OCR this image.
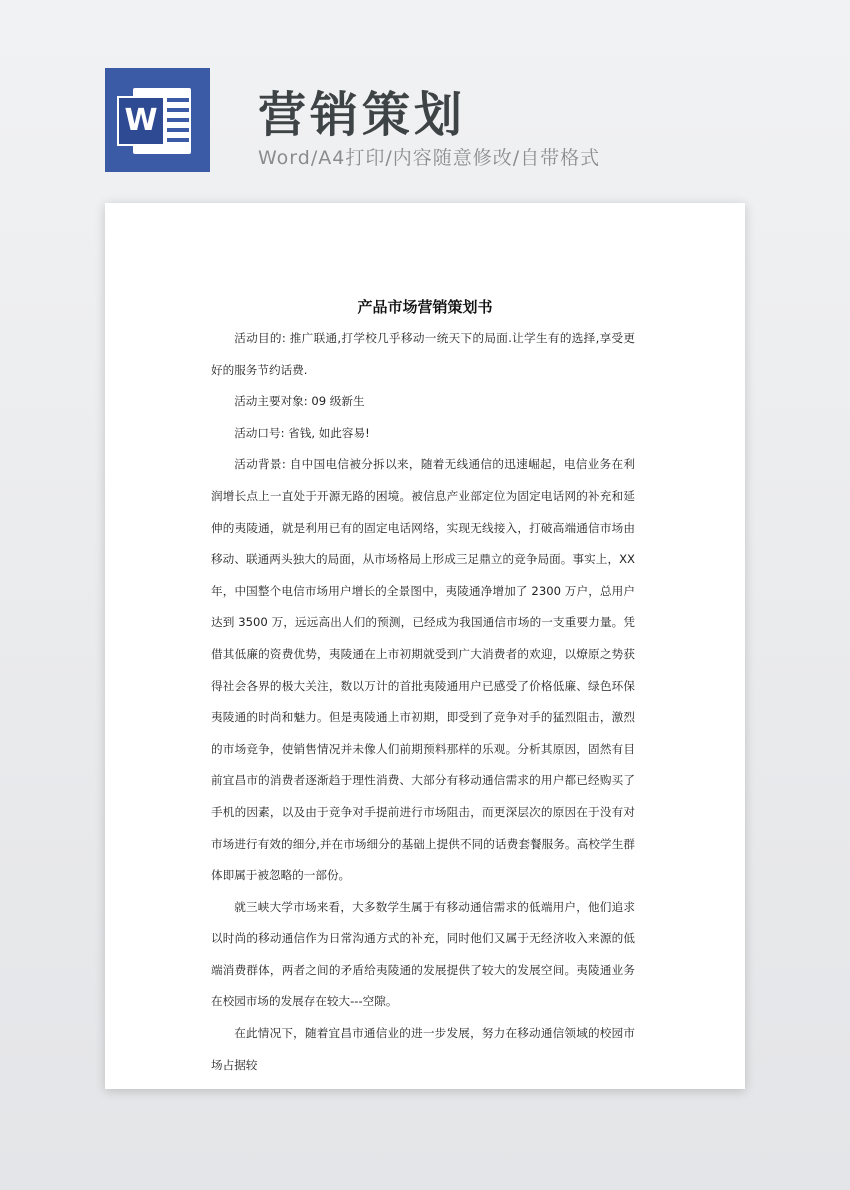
W 营销策划
Word/A4打印/内容随意修改/自带格式
产品市场营销策划书

活动目的: 推广联通,打学校几乎移动一统天下的局面.让学生有的选择,享受更好的服务节约话费.

活动主要对象: 09 级新生

活动口号: 省钱, 如此容易!

活动背景: 自中国电信被分拆以来，随着无线通信的迅速崛起，电信业务在利润增长点上一直处于开源无路的困境。被信息产业部定位为固定电话网的补充和延伸的夷陵通，就是利用已有的固定电话网络，实现无线接入，打破高端通信市场由移动、联通两头独大的局面，从市场格局上形成三足鼎立的竞争局面。事实上，XX 年，中国整个电信市场用户增长的全景图中，夷陵通净增加了 2300 万户，总用户达到 3500 万，远远高出人们的预测，已经成为我国通信市场的一支重要力量。凭借其低廉的资费优势，夷陵通在上市初期就受到广大消费者的欢迎，以燎原之势获得社会各界的极大关注，数以万计的首批夷陵通用户已感受了价格低廉、绿色环保夷陵通的时尚和魅力。但是夷陵通上市初期，即受到了竞争对手的猛烈阻击，激烈的市场竞争，使销售情况并未像人们前期预料那样的乐观。分析其原因，固然有目前宜昌市的消费者逐渐趋于理性消费、大部分有移动通信需求的用户都已经购买了手机的因素，以及由于竞争对手提前进行市场阻击，而更深层次的原因在于没有对市场进行有效的细分,并在市场细分的基础上提供不同的话费套餐服务。高校学生群体即属于被忽略的一部份。

就三峡大学市场来看，大多数学生属于有移动通信需求的低端用户，他们追求以时尚的移动通信作为日常沟通方式的补充，同时他们又属于无经济收入来源的低端消费群体，两者之间的矛盾给夷陵通的发展提供了较大的发展空间。夷陵通业务在校园市场的发展存在较大---空隙。

在此情况下，随着宜昌市通信业的进一步发展，努力在移动通信领域的校园市场占据较
